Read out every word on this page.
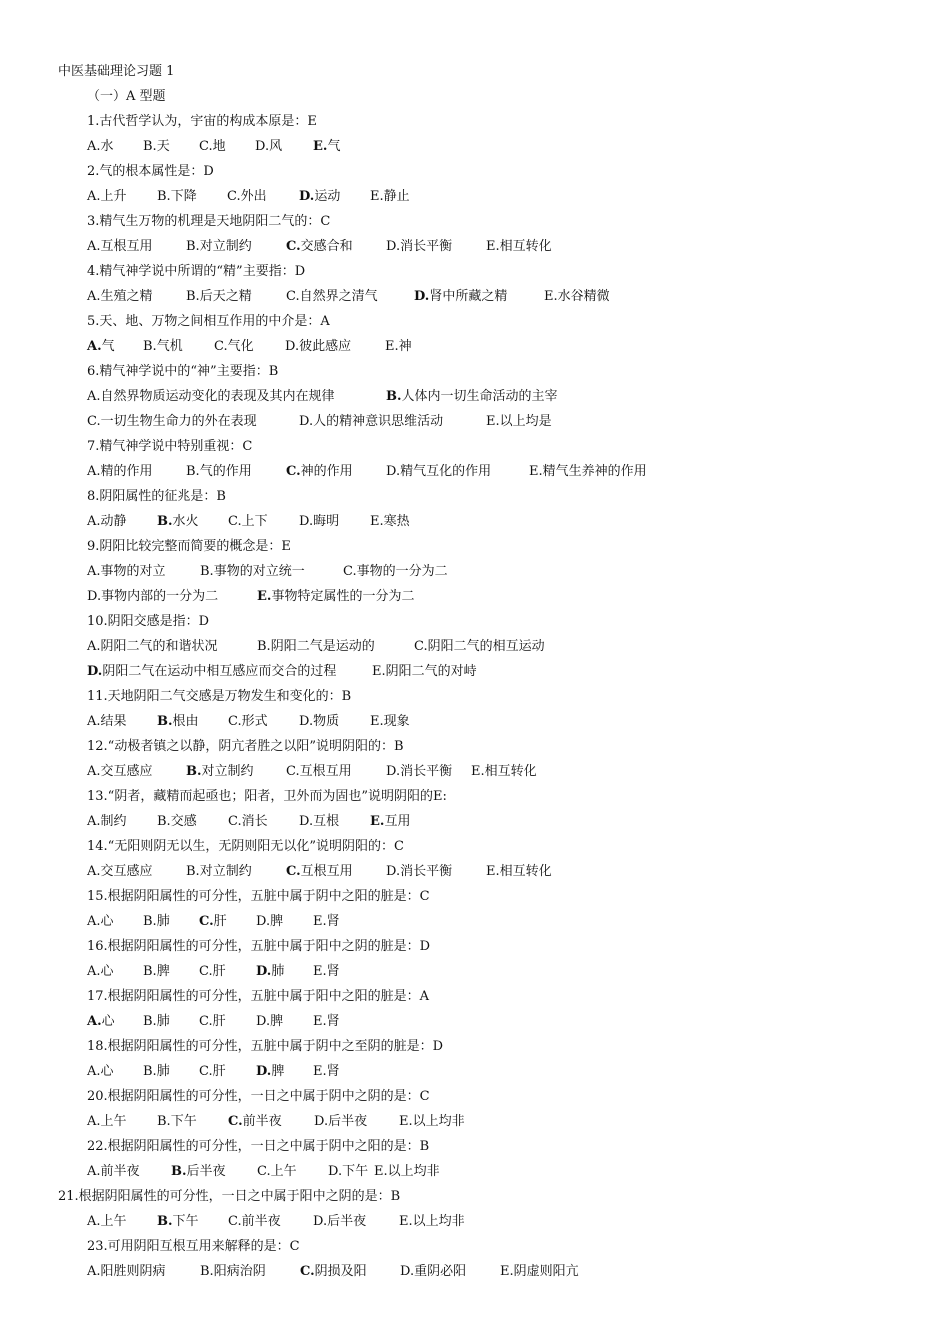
中医基础理论习题 1
（一）A 型题
1.古代哲学认为，宇宙的构成本原是：E
A.水 B.天 C.地 D.风 E.气
2.气的根本属性是：D
A.上升 B.下降 C.外出 D.运动 E.静止
3.精气生万物的机理是天地阴阳二气的：C
A.互根互用	B.对立制约	C.交感合和	D.消长平衡	E.相互转化
4.精气神学说中所谓的“精”主要指：D
A.生殖之精	B.后天之精	C.自然界之清气	D.肾中所藏之精	E.水谷精微
5.天、地、万物之间相互作用的中介是：A
A.气 B.气机 C.气化 D.彼此感应	E.神
6.精气神学说中的“神”主要指：B
A.自然界物质运动变化的表现及其内在规律	B.人体内一切生命活动的主宰
C.一切生物生命力的外在表现	D.人的精神意识思维活动	E.以上均是
7.精气神学说中特别重视：C
A.精的作用	B.气的作用	C.神的作用	D.精气互化的作用	E.精气生养神的作用
8.阴阳属性的征兆是：B
A.动静 B.水火 C.上下 D.晦明 E.寒热
9.阴阳比较完整而简要的概念是：E
A.事物的对立	B.事物的对立统一	C.事物的一分为二
D.事物内部的一分为二	E.事物特定属性的一分为二
10.阴阳交感是指：D
A.阴阳二气的和谐状况	B.阴阳二气是运动的	C.阴阳二气的相互运动
D.阴阳二气在运动中相互感应而交合的过程	E.阴阳二气的对峙
11.天地阴阳二气交感是万物发生和变化的：B
A.结果 B.根由 C.形式 D.物质 E.现象
12.“动极者镇之以静，阴亢者胜之以阳”说明阴阳的：B
A.交互感应	B.对立制约 C.互根互用	D.消长平衡 E.相互转化
13.“阴者，藏精而起亟也；阳者，卫外而为固也”说明阴阳的E:
A.制约 B.交感 C.消长 D.互根 E.互用
14.“无阳则阴无以生，无阴则阳无以化”说明阴阳的：C
A.交互感应	B.对立制约	C.互根互用	D.消长平衡	E.相互转化
15.根据阴阳属性的可分性，五脏中属于阴中之阳的脏是：C
A.心 B.肺 C.肝 D.脾 E.肾
16.根据阴阳属性的可分性，五脏中属于阳中之阴的脏是：D
A.心 B.脾 C.肝 D.肺 E.肾
17.根据阴阳属性的可分性，五脏中属于阳中之阳的脏是：A
A.心 B.肺 C.肝 D.脾 E.肾
18.根据阴阳属性的可分性，五脏中属于阴中之至阴的脏是：D
A.心 B.肺 C.肝 D.脾 E.肾
20.根据阴阳属性的可分性，一日之中属于阴中之阴的是：C
A.上午 B.下午 C.前半夜 D.后半夜 E.以上均非
22.根据阴阳属性的可分性，一日之中属于阴中之阳的是：B
A.前半夜 B.后半夜 C.上午 D.下午 E.以上均非
21.根据阴阳属性的可分性，一日之中属于阳中之阴的是：B
A.上午 B.下午 C.前半夜 D.后半夜	E.以上均非
23.可用阴阳互根互用来解释的是：C
A.阳胜则阴病	B.阳病治阴	C.阴损及阳	D.重阴必阳	E.阴虚则阳亢
